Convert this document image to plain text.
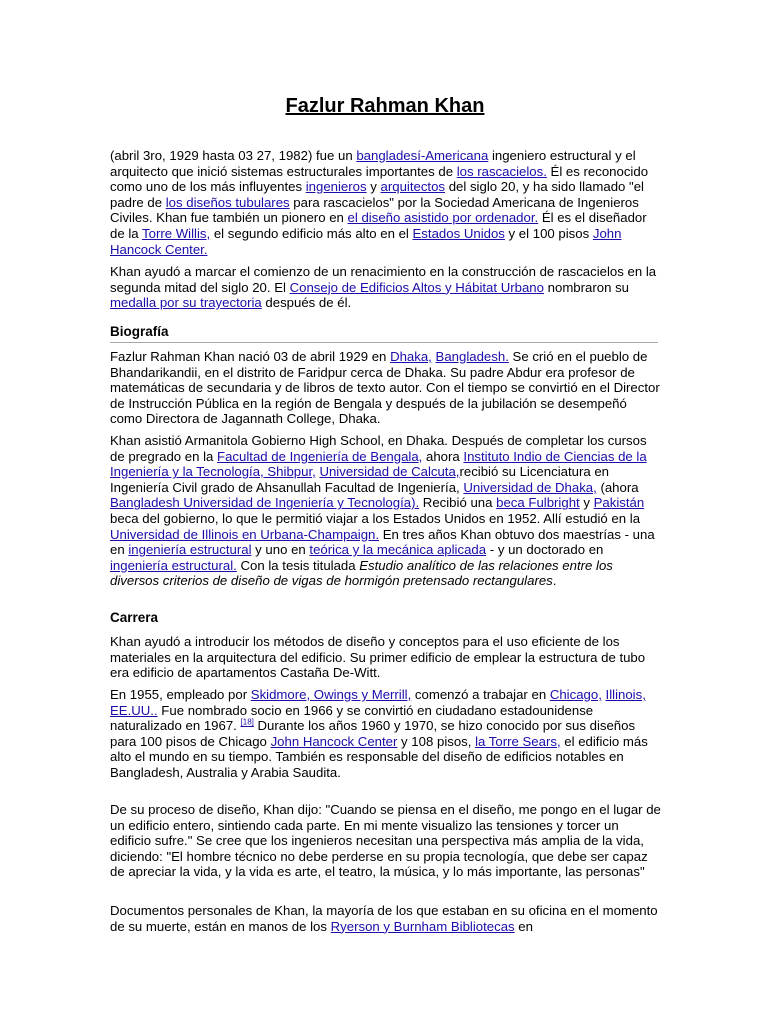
Fazlur Rahman Khan

(abril 3ro, 1929 hasta 03 27, 1982) fue un bangladesí-Americana ingeniero estructural y el arquitecto que inició sistemas estructurales importantes de los rascacielos. Él es reconocido como uno de los más influyentes ingenieros y arquitectos del siglo 20, y ha sido llamado "el padre de los diseños tubulares para rascacielos" por la Sociedad Americana de Ingenieros Civiles. Khan fue también un pionero en el diseño asistido por ordenador. Él es el diseñador de la Torre Willis, el segundo edificio más alto en el Estados Unidos y el 100 pisos John Hancock Center.

Khan ayudó a marcar el comienzo de un renacimiento en la construcción de rascacielos en la segunda mitad del siglo 20. El Consejo de Edificios Altos y Hábitat Urbano nombraron su medalla por su trayectoria después de él.

Biografía

Fazlur Rahman Khan nació 03 de abril 1929 en Dhaka, Bangladesh. Se crió en el pueblo de Bhandarikandii, en el distrito de Faridpur cerca de Dhaka. Su padre Abdur era profesor de matemáticas de secundaria y de libros de texto autor. Con el tiempo se convirtió en el Director de Instrucción Pública en la región de Bengala y después de la jubilación se desempeñó como Directora de Jagannath College, Dhaka.

Khan asistió Armanitola Gobierno High School, en Dhaka. Después de completar los cursos de pregrado en la Facultad de Ingeniería de Bengala, ahora Instituto Indio de Ciencias de la Ingeniería y la Tecnología, Shibpur, Universidad de Calcuta,recibió su Licenciatura en Ingeniería Civil grado de Ahsanullah Facultad de Ingeniería, Universidad de Dhaka, (ahora Bangladesh Universidad de Ingeniería y Tecnología). Recibió una beca Fulbright y Pakistán beca del gobierno, lo que le permitió viajar a los Estados Unidos en 1952. Allí estudió en la Universidad de Illinois en Urbana-Champaign. En tres años Khan obtuvo dos maestrías - una en ingeniería estructural y uno en teórica y la mecánica aplicada - y un doctorado en ingeniería estructural. Con la tesis titulada Estudio analítico de las relaciones entre los diversos criterios de diseño de vigas de hormigón pretensado rectangulares.

Carrera

Khan ayudó a introducir los métodos de diseño y conceptos para el uso eficiente de los materiales en la arquitectura del edificio. Su primer edificio de emplear la estructura de tubo era edificio de apartamentos Castaña De-Witt.

En 1955, empleado por Skidmore, Owings y Merrill, comenzó a trabajar en Chicago, Illinois, EE.UU.. Fue nombrado socio en 1966 y se convirtió en ciudadano estadounidense naturalizado en 1967. [18] Durante los años 1960 y 1970, se hizo conocido por sus diseños para 100 pisos de Chicago John Hancock Center y 108 pisos, la Torre Sears, el edificio más alto el mundo en su tiempo. También es responsable del diseño de edificios notables en Bangladesh, Australia y Arabia Saudita.

De su proceso de diseño, Khan dijo: "Cuando se piensa en el diseño, me pongo en el lugar de un edificio entero, sintiendo cada parte. En mi mente visualizo las tensiones y torcer un edificio sufre." Se cree que los ingenieros necesitan una perspectiva más amplia de la vida, diciendo: "El hombre técnico no debe perderse en su propia tecnología, que debe ser capaz de apreciar la vida, y la vida es arte, el teatro, la música, y lo más importante, las personas"

Documentos personales de Khan, la mayoría de los que estaban en su oficina en el momento de su muerte, están en manos de los Ryerson y Burnham Bibliotecas en
